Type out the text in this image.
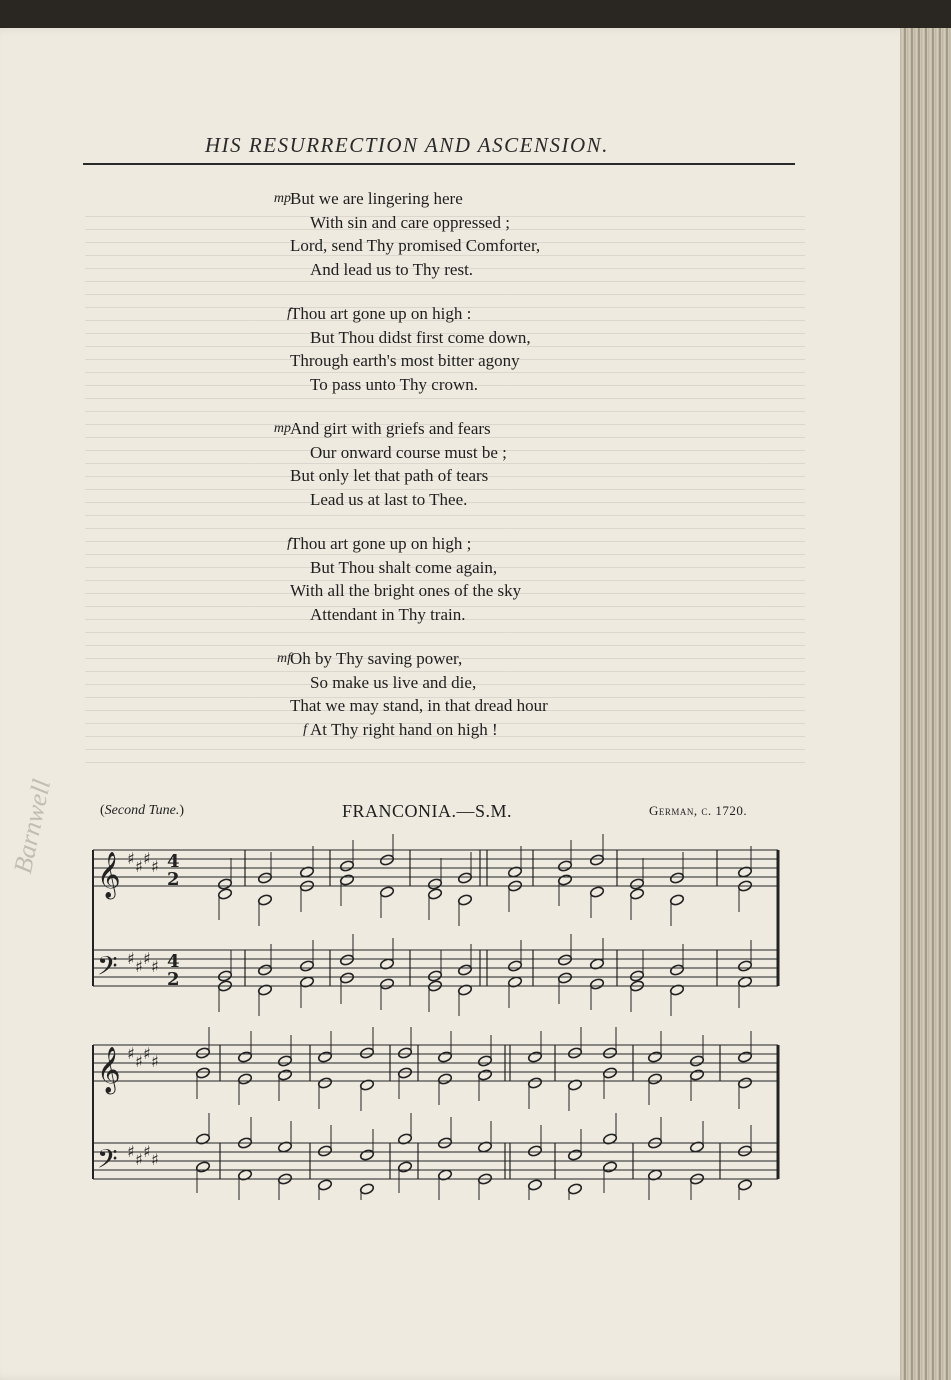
HIS RESURRECTION AND ASCENSION.
mp But we are lingering here
With sin and care oppressed ;
Lord, send Thy promised Comforter,
And lead us to Thy rest.
f Thou art gone up on high :
But Thou didst first come down,
Through earth's most bitter agony
To pass unto Thy crown.
mp And girt with griefs and fears
Our onward course must be ;
But only let that path of tears
Lead us at last to Thee.
f Thou art gone up on high ;
But Thou shalt come again,
With all the bright ones of the sky
Attendant in Thy train.
mf Oh by Thy saving power,
So make us live and die,
That we may stand, in that dread hour
f At Thy right hand on high !
(Second Tune.)	FRANCONIA.—S.M.	German, c. 1720.
𝄞
𝄢
𝄞
𝄢
♯ ♯ ♯ ♯
♯ ♯ ♯ ♯
♯ ♯ ♯ ♯
♯ ♯ ♯ ♯
4
2
4
2
Barnwell
